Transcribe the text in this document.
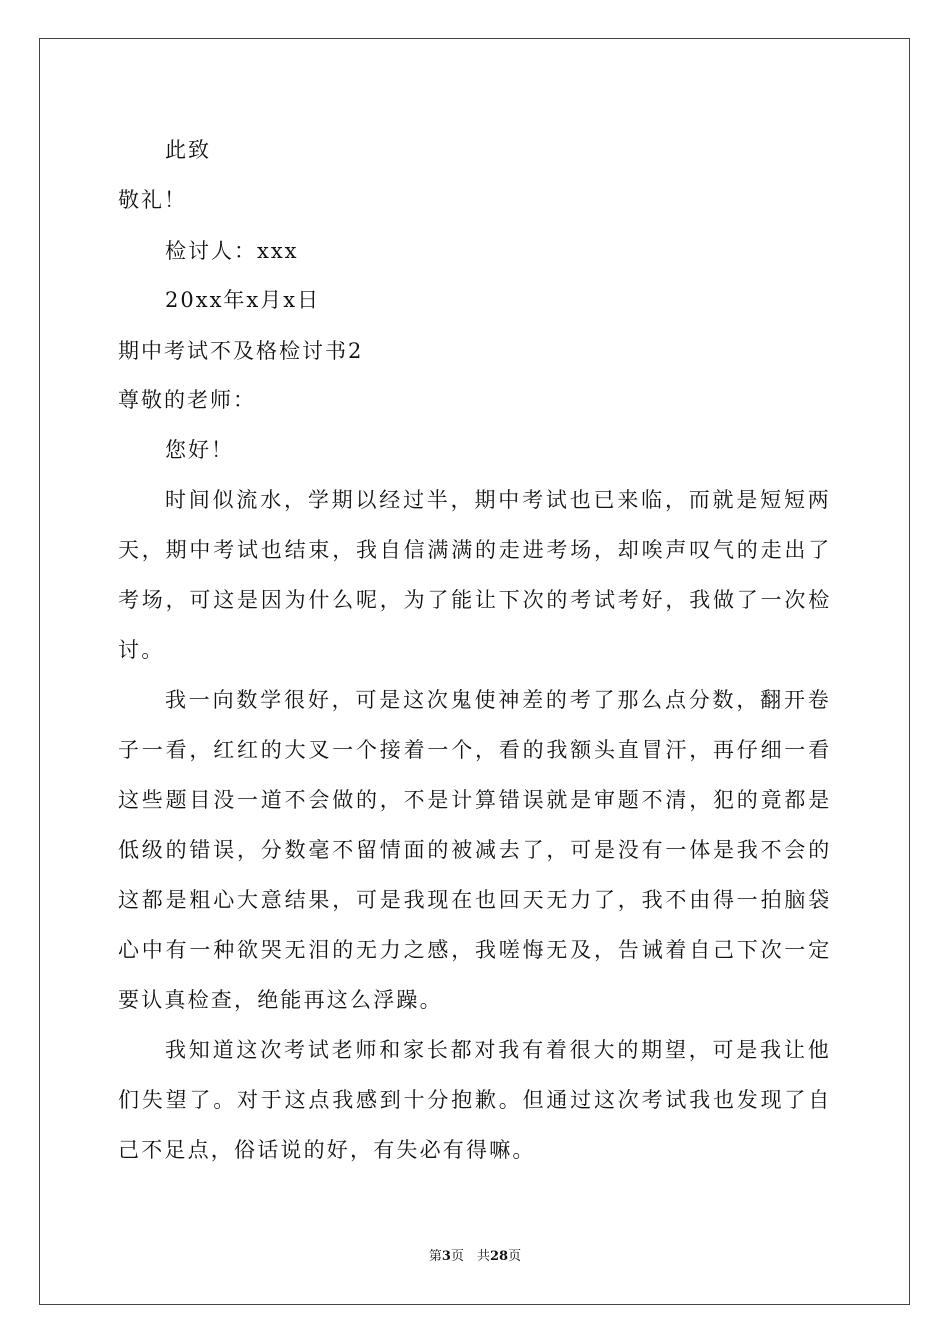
此致
敬礼！
检讨人：xxx
20xx年x月x日
期中考试不及格检讨书2
尊敬的老师：
您好！
时间似流水，学期以经过半，期中考试也已来临，而就是短短两
天，期中考试也结束，我自信满满的走进考场，却唉声叹气的走出了
考场，可这是因为什么呢，为了能让下次的考试考好，我做了一次检
讨。
我一向数学很好，可是这次鬼使神差的考了那么点分数，翻开卷
子一看，红红的大叉一个接着一个，看的我额头直冒汗，再仔细一看
这些题目没一道不会做的，不是计算错误就是审题不清，犯的竟都是
低级的错误，分数毫不留情面的被减去了，可是没有一体是我不会的
这都是粗心大意结果，可是我现在也回天无力了，我不由得一拍脑袋
心中有一种欲哭无泪的无力之感，我嗟悔无及，告诫着自己下次一定
要认真检查，绝能再这么浮躁。
我知道这次考试老师和家长都对我有着很大的期望，可是我让他
们失望了。对于这点我感到十分抱歉。但通过这次考试我也发现了自
己不足点，俗话说的好，有失必有得嘛。
第3页　共28页
